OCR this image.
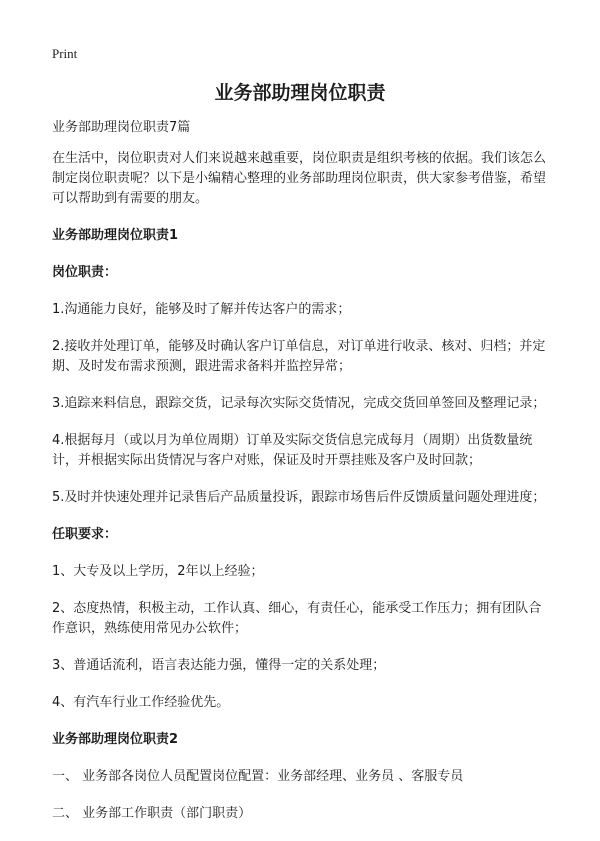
Print
业务部助理岗位职责

业务部助理岗位职责7篇

在生活中，岗位职责对人们来说越来越重要，岗位职责是组织考核的依据。我们该怎么制定岗位职责呢？以下是小编精心整理的业务部助理岗位职责，供大家参考借鉴，希望可以帮助到有需要的朋友。

业务部助理岗位职责1

岗位职责：

1.沟通能力良好，能够及时了解并传达客户的需求；

2.接收并处理订单，能够及时确认客户订单信息，对订单进行收录、核对、归档；并定期、及时发布需求预测，跟进需求备料并监控异常；

3.追踪来料信息，跟踪交货，记录每次实际交货情况，完成交货回单签回及整理记录；

4.根据每月（或以月为单位周期）订单及实际交货信息完成每月（周期）出货数量统计，并根据实际出货情况与客户对账，保证及时开票挂账及客户及时回款；

5.及时并快速处理并记录售后产品质量投诉，跟踪市场售后件反馈质量问题处理进度；

任职要求：

1、大专及以上学历，2年以上经验；

2、态度热情，积极主动，工作认真、细心，有责任心，能承受工作压力；拥有团队合作意识，熟练使用常见办公软件；

3、普通话流利，语言表达能力强，懂得一定的关系处理；

4、有汽车行业工作经验优先。

业务部助理岗位职责2

一、 业务部各岗位人员配置岗位配置：业务部经理、业务员 、客服专员

二、 业务部工作职责（部门职责）
